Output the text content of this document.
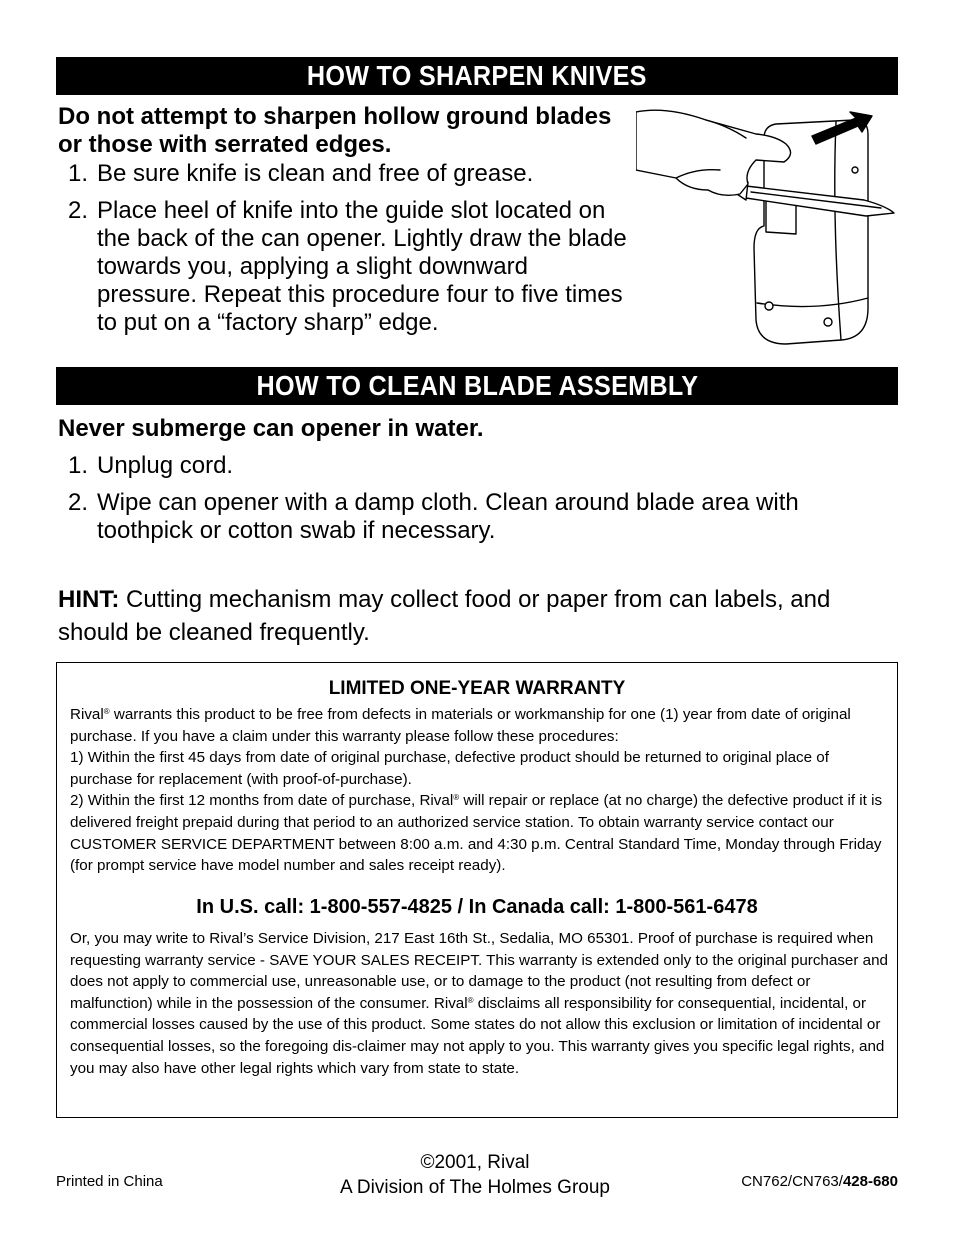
HOW TO SHARPEN KNIVES
Do not attempt to sharpen hollow ground blades or those with serrated edges.
1. Be sure knife is clean and free of grease.
2. Place heel of knife into the guide slot located on the back of the can opener. Lightly draw the blade towards you, applying a slight downward pressure. Repeat this procedure four to five times to put on a “factory sharp” edge.
HOW TO CLEAN BLADE ASSEMBLY
Never submerge can opener in water.
1. Unplug cord.
2. Wipe can opener with a damp cloth. Clean around blade area with toothpick or cotton swab if necessary.
HINT: Cutting mechanism may collect food or paper from can labels, and should be cleaned frequently.
LIMITED ONE-YEAR WARRANTY

Rival® warrants this product to be free from defects in materials or workmanship for one (1) year from date of original purchase. If you have a claim under this warranty please follow these procedures:

1) Within the first 45 days from date of original purchase, defective product should be returned to original place of purchase for replacement (with proof-of-purchase).

2) Within the first 12 months from date of purchase, Rival® will repair or replace (at no charge) the defective product if it is delivered freight prepaid during that period to an authorized service station. To obtain warranty service contact our CUSTOMER SERVICE DEPARTMENT between 8:00 a.m. and 4:30 p.m. Central Standard Time, Monday through Friday (for prompt service have model number and sales receipt ready).

In U.S. call: 1-800-557-4825 / In Canada call: 1-800-561-6478

Or, you may write to Rival’s Service Division, 217 East 16th St., Sedalia, MO 65301. Proof of purchase is required when requesting warranty service - SAVE YOUR SALES RECEIPT. This warranty is extended only to the original purchaser and does not apply to commercial use, unreasonable use, or to damage to the product (not resulting from defect or malfunction) while in the possession of the consumer. Rival® disclaims all responsibility for consequential, incidental, or commercial losses caused by the use of this product. Some states do not allow this exclusion or limitation of incidental or consequential losses, so the foregoing dis-claimer may not apply to you. This warranty gives you specific legal rights, and you may also have other legal rights which vary from state to state.

Printed in China
©2001, Rival
A Division of The Holmes Group	CN762/CN763/428-680
